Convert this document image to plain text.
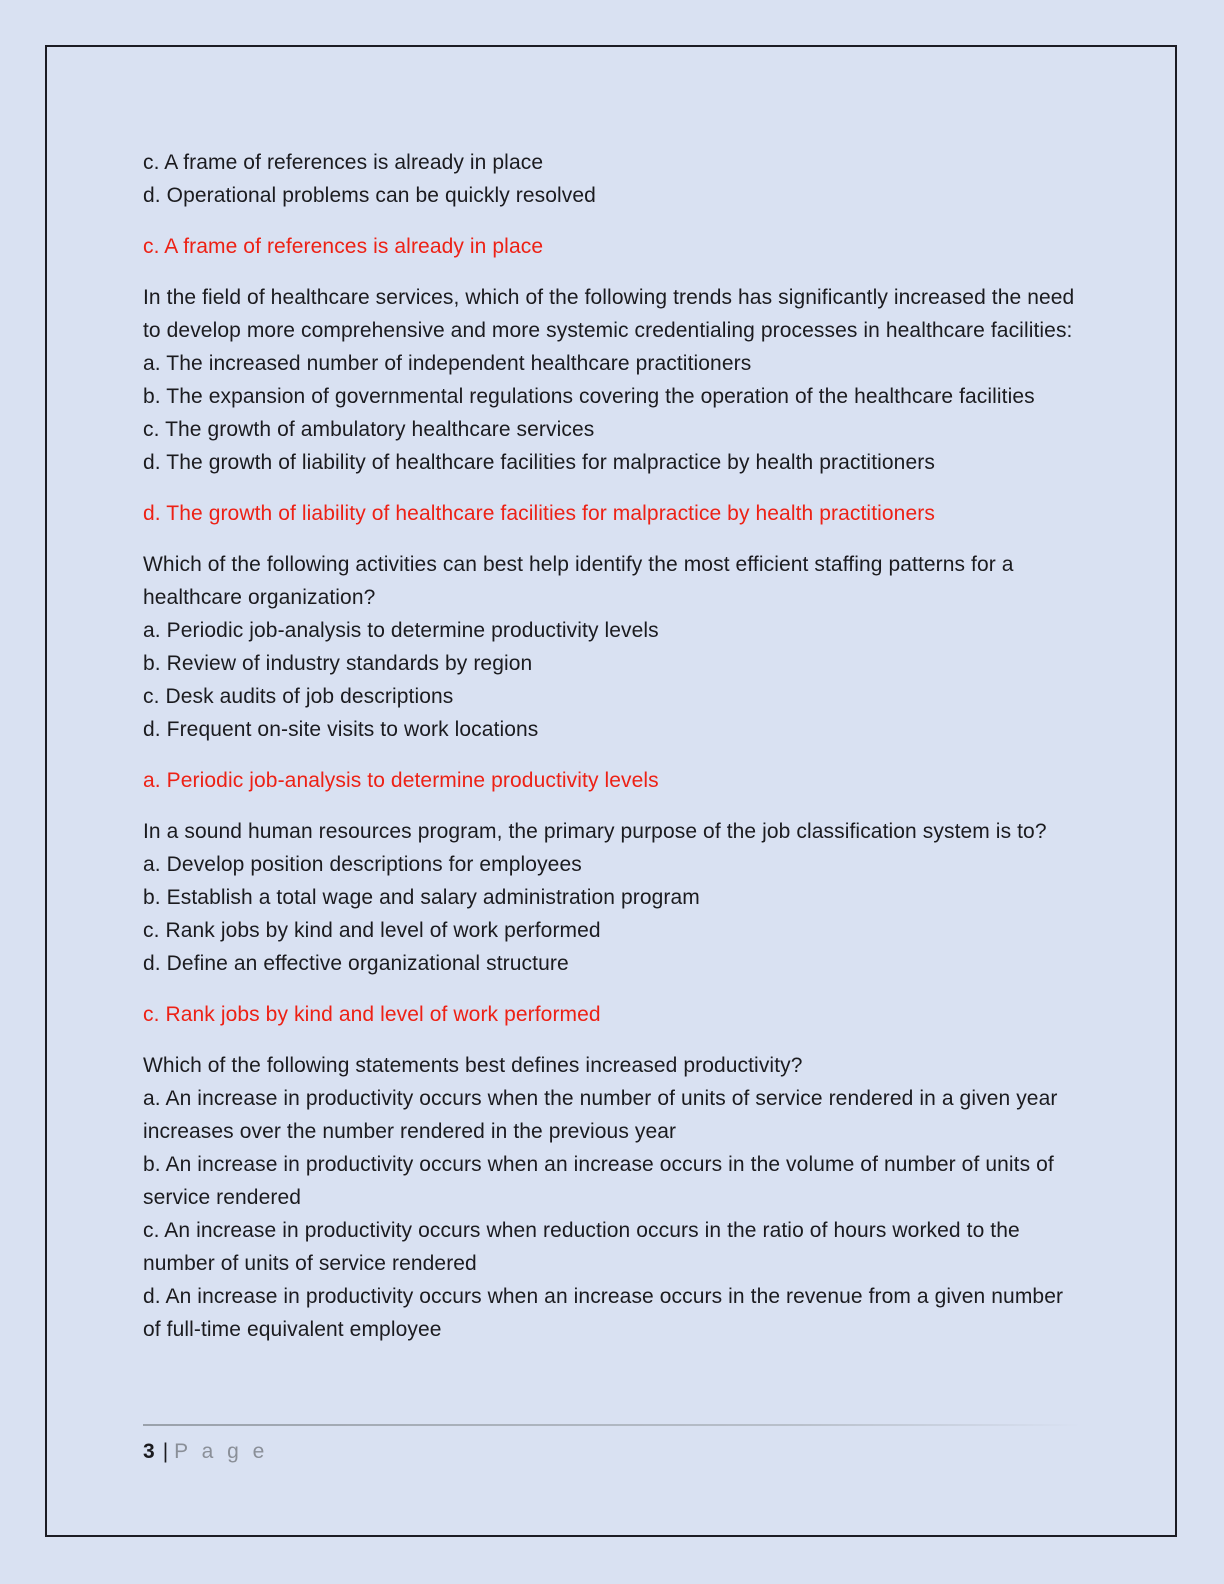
c. A frame of references is already in place

d. Operational problems can be quickly resolved

c. A frame of references is already in place

In the field of healthcare services, which of the following trends has significantly increased the need to develop more comprehensive and more systemic credentialing processes in healthcare facilities:

a. The increased number of independent healthcare practitioners

b. The expansion of governmental regulations covering the operation of the healthcare facilities

c. The growth of ambulatory healthcare services

d. The growth of liability of healthcare facilities for malpractice by health practitioners

d. The growth of liability of healthcare facilities for malpractice by health practitioners

Which of the following activities can best help identify the most efficient staffing patterns for a healthcare organization?

a. Periodic job-analysis to determine productivity levels

b. Review of industry standards by region

c. Desk audits of job descriptions

d. Frequent on-site visits to work locations

a. Periodic job-analysis to determine productivity levels

In a sound human resources program, the primary purpose of the job classification system is to?

a. Develop position descriptions for employees

b. Establish a total wage and salary administration program

c. Rank jobs by kind and level of work performed

d. Define an effective organizational structure

c. Rank jobs by kind and level of work performed

Which of the following statements best defines increased productivity?

a. An increase in productivity occurs when the number of units of service rendered in a given year increases over the number rendered in the previous year

b. An increase in productivity occurs when an increase occurs in the volume of number of units of service rendered

c. An increase in productivity occurs when reduction occurs in the ratio of hours worked to the number of units of service rendered

d. An increase in productivity occurs when an increase occurs in the revenue from a given number of full-time equivalent employee

3 | P a g e
